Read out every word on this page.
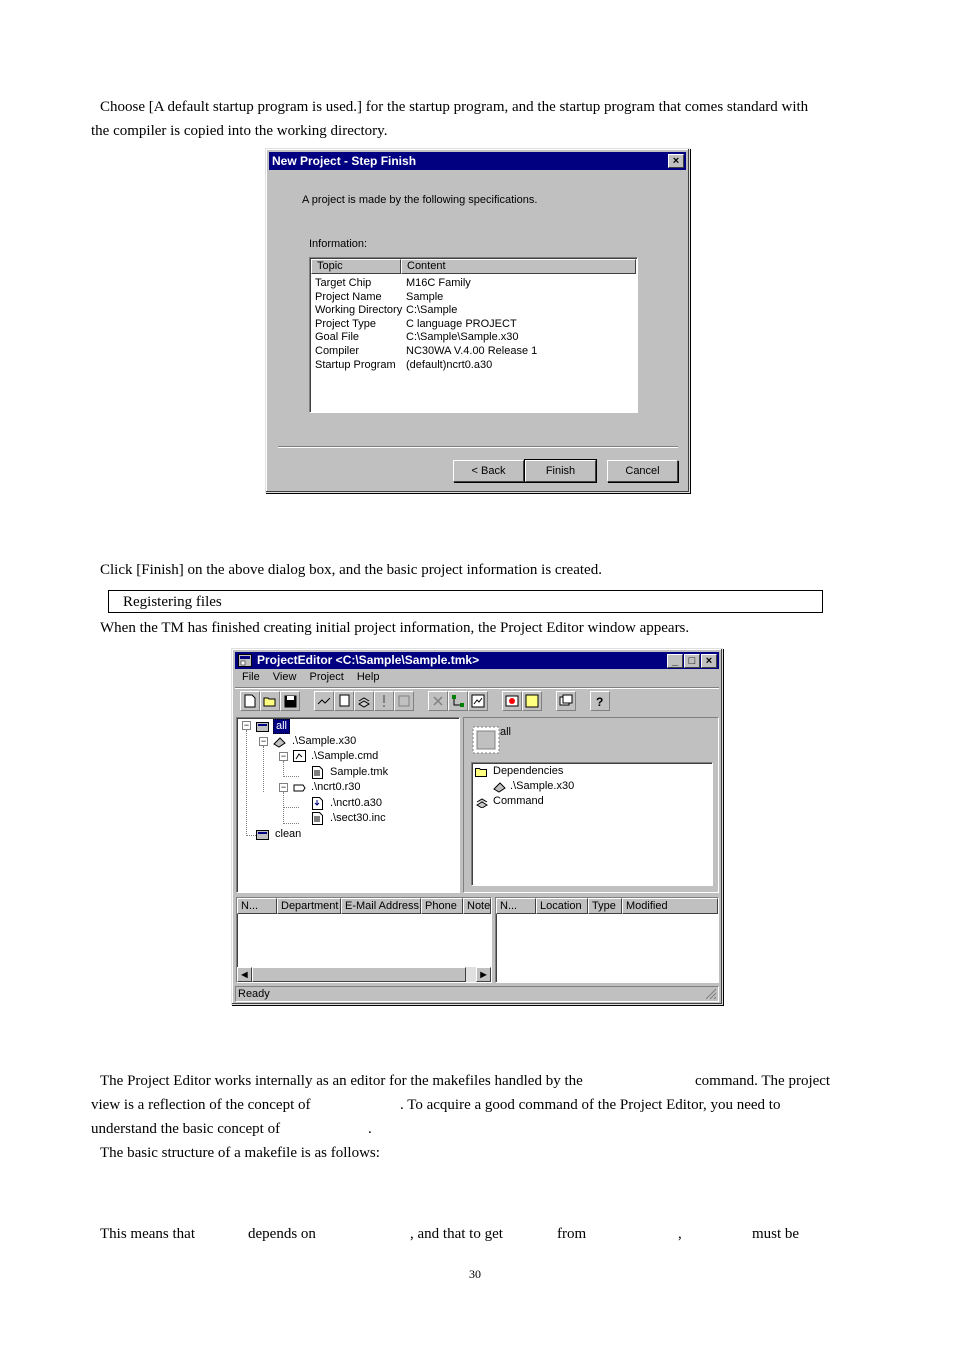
Choose [A default startup program is used.] for the startup program, and the startup program that comes standard with
the compiler is copied into the working directory.
New Project - Step Finish	×
A project is made by the following specifications.
Information:
Topic	Content
Target Chip	M16C Family
Project Name Sample
Working Directory C:\Sample
Project Type	C language PROJECT
Goal File	C:\Sample\Sample.x30
Compiler	NC30WA V.4.00 Release 1
Startup Program (default)ncrt0.a30
< Back	Finish	Cancel
Click [Finish] on the above dialog box, and the basic project information is created.
Registering files
When the TM has finished creating initial project information, the Project Editor window appears.
ProjectEditor <C:\Sample\Sample.tmk>	_ □ ×
File View Project Help
?
− all
− .\Sample.x30
− .\Sample.cmd
Sample.tmk
− .\ncrt0.r30
.\ncrt0.a30
.\sect30.inc
clean
all
Dependencies
.\Sample.x30
Command
N...	Department E-Mail Address Phone Note
◀	▶
N...	Location Type Modified
Ready
The Project Editor works internally as an editor for the makefiles handled by the	command. The project
view is a reflection of the concept of	. To acquire a good command of the Project Editor, you need to
understand the basic concept of	.
The basic structure of a makefile is as follows:
This means that	depends on	, and that to get	from	,	must be
30
